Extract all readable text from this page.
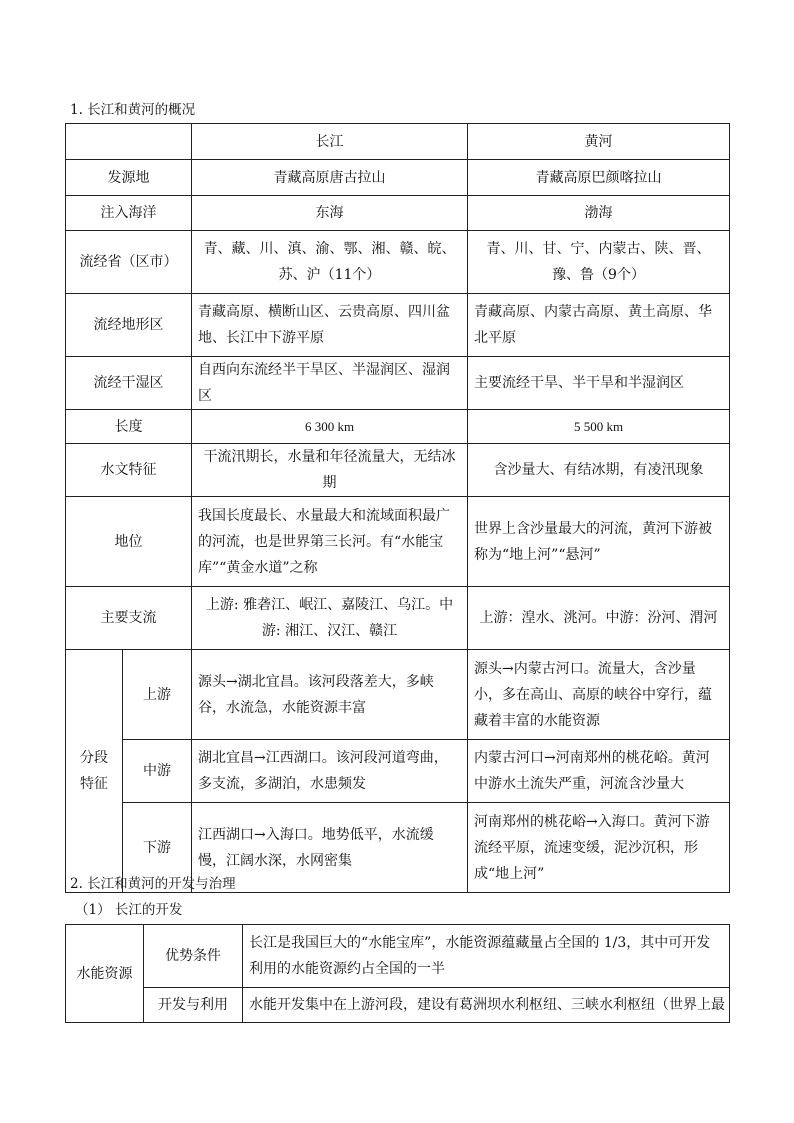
1. 长江和黄河的概况
		长江	黄河
发源地		青藏高原唐古拉山	青藏高原巴颜喀拉山
注入海洋		东海	渤海
流经省（区市）		青、藏、川、滇、渝、鄂、湘、赣、皖、苏、沪（11个）	青、川、甘、宁、内蒙古、陕、晋、豫、鲁（9个）
流经地形区		青藏高原、横断山区、云贵高原、四川盆地、长江中下游平原	青藏高原、内蒙古高原、黄土高原、华北平原
流经干湿区		自西向东流经半干旱区、半湿润区、湿润区	主要流经干旱、半干旱和半湿润区
长度		6 300 km	5 500 km
水文特征		干流汛期长，水量和年径流量大，无结冰期	含沙量大、有结冰期，有凌汛现象
地位		我国长度最长、水量最大和流域面积最广的河流，也是世界第三长河。有“水能宝库”“黄金水道”之称	世界上含沙量最大的河流，黄河下游被称为“地上河”“悬河”
主要支流		上游: 雅砻江、岷江、嘉陵江、乌江。中游: 湘江、汉江、赣江	上游：湟水、洮河。中游：汾河、渭河
分段特征	上游	源头→湖北宜昌。该河段落差大，多峡谷，水流急，水能资源丰富	源头→内蒙古河口。流量大，含沙量小，多在高山、高原的峡谷中穿行，蕴藏着丰富的水能资源
	中游	湖北宜昌→江西湖口。该河段河道弯曲，多支流，多湖泊，水患频发	内蒙古河口→河南郑州的桃花峪。黄河中游水土流失严重，河流含沙量大
	下游	江西湖口→入海口。地势低平，水流缓慢，江阔水深，水网密集	河南郑州的桃花峪→入海口。黄河下游流经平原，流速变缓，泥沙沉积，形成“地上河”
2. 长江和黄河的开发与治理
（1） 长江的开发
水能资源	优势条件	长江是我国巨大的“水能宝库”，水能资源蕴藏量占全国的 1/3，其中可开发利用的水能资源约占全国的一半
	开发与利用	水能开发集中在上游河段，建设有葛洲坝水利枢纽、三峡水利枢纽（世界上最
